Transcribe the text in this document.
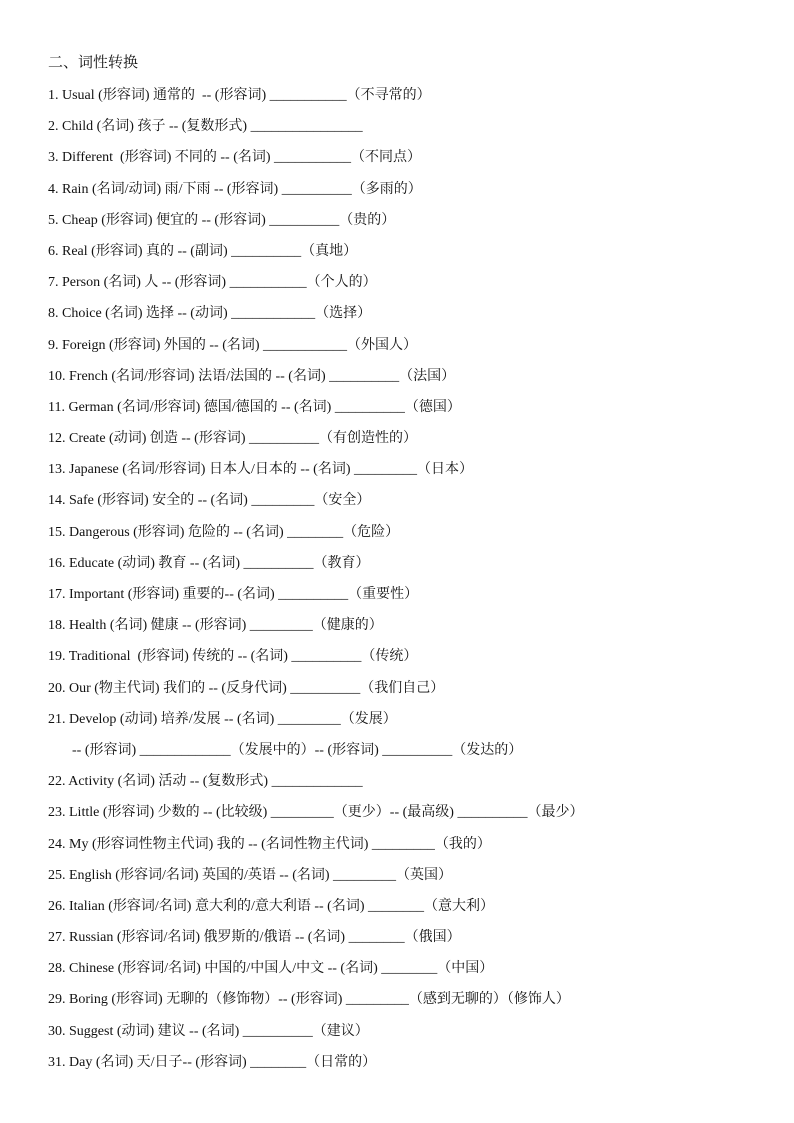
二、词性转换
1. Usual (形容词) 通常的  -- (形容词) ___________（不寻常的）
2. Child (名词) 孩子 -- (复数形式) ________________
3. Different  (形容词) 不同的 -- (名词) ___________（不同点）
4. Rain (名词/动词) 雨/下雨 -- (形容词) __________（多雨的）
5. Cheap (形容词) 便宜的 -- (形容词) __________（贵的）
6. Real (形容词) 真的 -- (副词) __________（真地）
7. Person (名词) 人 -- (形容词) ___________（个人的）
8. Choice (名词) 选择 -- (动词) ____________（选择）
9. Foreign (形容词) 外国的 -- (名词) ____________（外国人）
10. French (名词/形容词) 法语/法国的 -- (名词) __________（法国）
11. German (名词/形容词) 德国/德国的 -- (名词) __________（德国）
12. Create (动词) 创造 -- (形容词) __________（有创造性的）
13. Japanese (名词/形容词) 日本人/日本的 -- (名词) _________（日本）
14. Safe (形容词) 安全的 -- (名词) _________（安全）
15. Dangerous (形容词) 危险的 -- (名词) ________（危险）
16. Educate (动词) 教育 -- (名词) __________（教育）
17. Important (形容词) 重要的-- (名词) __________（重要性）
18. Health (名词) 健康 -- (形容词) _________（健康的）
19. Traditional  (形容词) 传统的 -- (名词) __________（传统）
20. Our (物主代词) 我们的 -- (反身代词) __________（我们自己）
21. Develop (动词) 培养/发展 -- (名词) _________（发展）
-- (形容词) _____________（发展中的）-- (形容词) __________（发达的）
22. Activity (名词) 活动 -- (复数形式) _____________
23. Little (形容词) 少数的 -- (比较级) _________（更少）-- (最高级) __________（最少）
24. My (形容词性物主代词) 我的 -- (名词性物主代词) _________（我的）
25. English (形容词/名词) 英国的/英语 -- (名词) _________（英国）
26. Italian (形容词/名词) 意大利的/意大利语 -- (名词) ________（意大利）
27. Russian (形容词/名词) 俄罗斯的/俄语 -- (名词) ________（俄国）
28. Chinese (形容词/名词) 中国的/中国人/中文 -- (名词) ________（中国）
29. Boring (形容词) 无聊的（修饰物）-- (形容词) _________（感到无聊的）（修饰人）
30. Suggest (动词) 建议 -- (名词) __________（建议）
31. Day (名词) 天/日子-- (形容词) ________（日常的）
